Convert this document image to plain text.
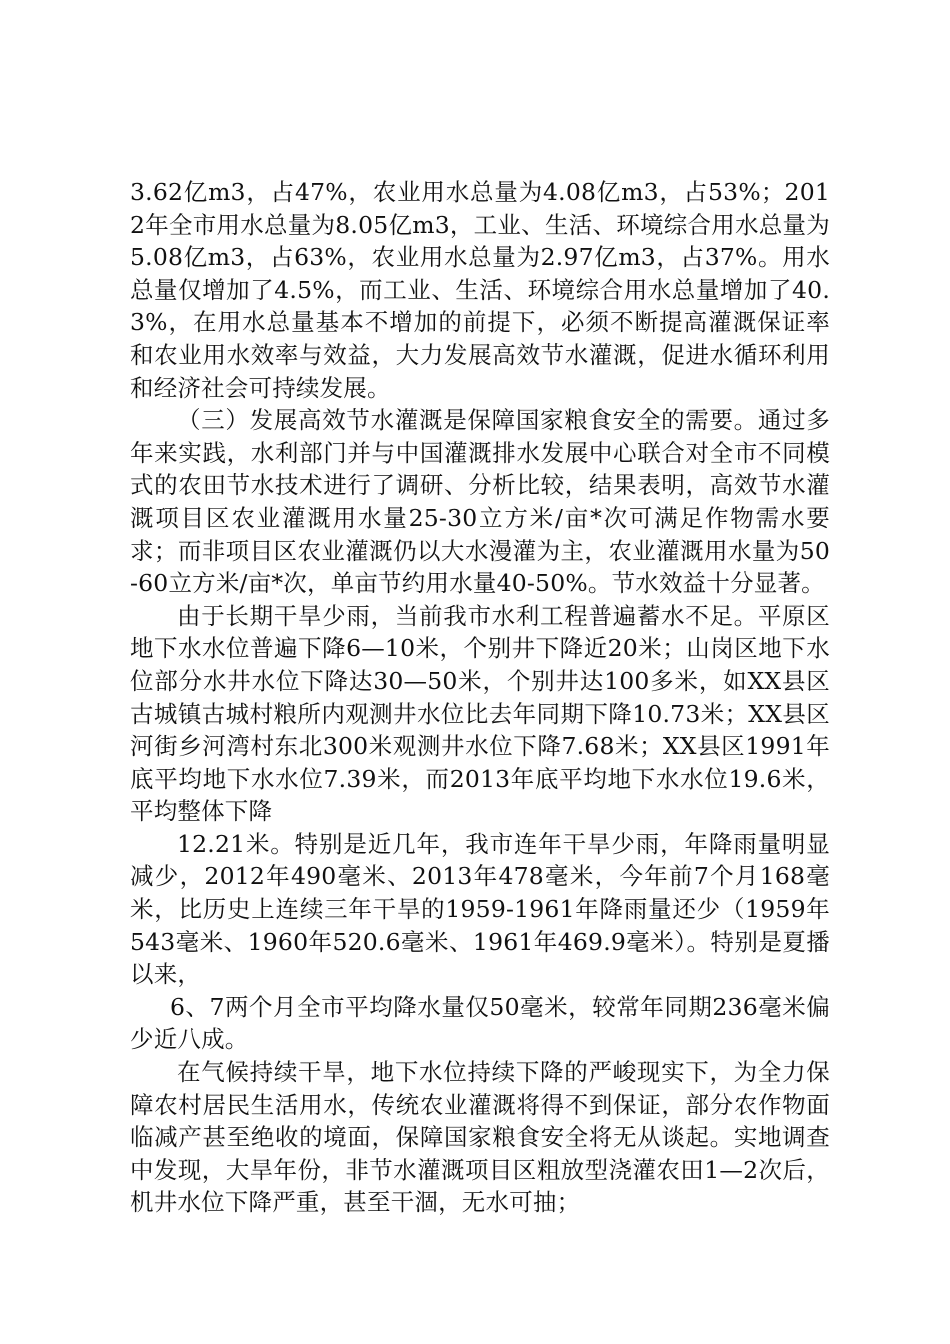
3.62亿m3，占47%，农业用水总量为4.08亿m3，占53%；2012年全市用水总量为8.05亿m3，工业、生活、环境综合用水总量为5.08亿m3，占63%，农业用水总量为2.97亿m3，占37%。用水总量仅增加了4.5%，而工业、生活、环境综合用水总量增加了40.3%，在用水总量基本不增加的前提下，必须不断提高灌溉保证率和农业用水效率与效益，大力发展高效节水灌溉，促进水循环利用和经济社会可持续发展。

（三）发展高效节水灌溉是保障国家粮食安全的需要。通过多年来实践，水利部门并与中国灌溉排水发展中心联合对全市不同模式的农田节水技术进行了调研、分析比较，结果表明，高效节水灌溉项目区农业灌溉用水量25-30立方米/亩*次可满足作物需水要求；而非项目区农业灌溉仍以大水漫灌为主，农业灌溉用水量为50-60立方米/亩*次，单亩节约用水量40-50%。节水效益十分显著。

由于长期干旱少雨，当前我市水利工程普遍蓄水不足。平原区地下水水位普遍下降6—10米，个别井下降近20米；山岗区地下水位部分水井水位下降达30—50米，个别井达100多米，如XX县区古城镇古城村粮所内观测井水位比去年同期下降10.73米；XX县区河街乡河湾村东北300米观测井水位下降7.68米；XX县区1991年底平均地下水水位7.39米，而2013年底平均地下水水位19.6米，平均整体下降

12.21米。特别是近几年，我市连年干旱少雨，年降雨量明显减少，2012年490毫米、2013年478毫米，今年前7个月168毫米，比历史上连续三年干旱的1959-1961年降雨量还少（1959年543毫米、1960年520.6毫米、1961年469.9毫米）。特别是夏播以来，

6、7两个月全市平均降水量仅50毫米，较常年同期236毫米偏少近八成。

在气候持续干旱，地下水位持续下降的严峻现实下，为全力保障农村居民生活用水，传统农业灌溉将得不到保证，部分农作物面临减产甚至绝收的境面，保障国家粮食安全将无从谈起。实地调查中发现，大旱年份，非节水灌溉项目区粗放型浇灌农田1—2次后，机井水位下降严重，甚至干涸，无水可抽；
